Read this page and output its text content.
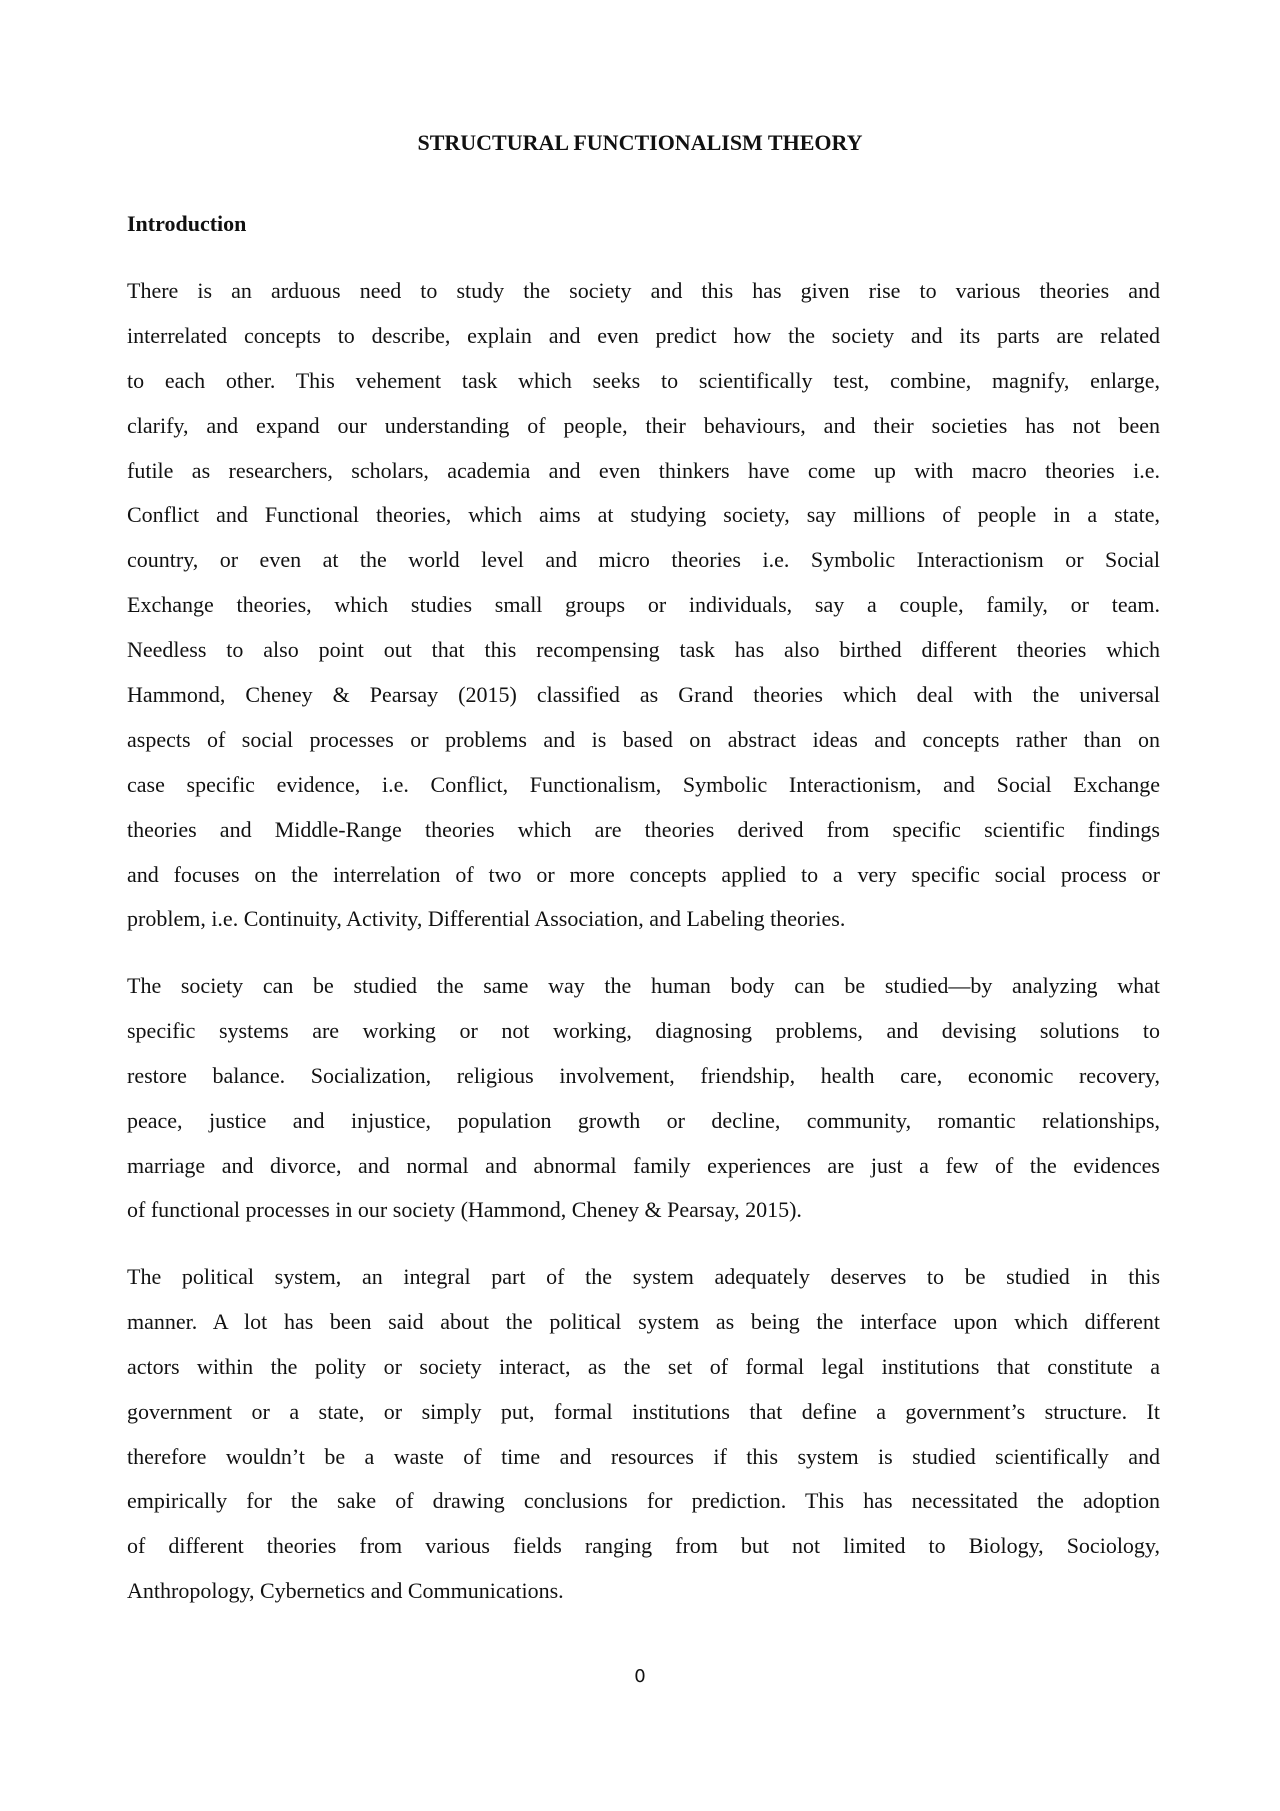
STRUCTURAL FUNCTIONALISM THEORY
Introduction
There is an arduous need to study the society and this has given rise to various theories and
interrelated concepts to describe, explain and even predict how the society and its parts are related
to each other. This vehement task which seeks to scientifically test, combine, magnify, enlarge,
clarify, and expand our understanding of people, their behaviours, and their societies has not been
futile as researchers, scholars, academia and even thinkers have come up with macro theories i.e.
Conflict and Functional theories, which aims at studying society, say millions of people in a state,
country, or even at the world level and micro theories i.e. Symbolic Interactionism or Social
Exchange theories, which studies small groups or individuals, say a couple, family, or team.
Needless to also point out that this recompensing task has also birthed different theories which
Hammond, Cheney & Pearsay (2015) classified as Grand theories which deal with the universal
aspects of social processes or problems and is based on abstract ideas and concepts rather than on
case specific evidence, i.e. Conflict, Functionalism, Symbolic Interactionism, and Social Exchange
theories and Middle-Range theories which are theories derived from specific scientific findings
and focuses on the interrelation of two or more concepts applied to a very specific social process or
problem, i.e. Continuity, Activity, Differential Association, and Labeling theories.
The society can be studied the same way the human body can be studied—by analyzing what
specific systems are working or not working, diagnosing problems, and devising solutions to
restore balance. Socialization, religious involvement, friendship, health care, economic recovery,
peace, justice and injustice, population growth or decline, community, romantic relationships,
marriage and divorce, and normal and abnormal family experiences are just a few of the evidences
of functional processes in our society (Hammond, Cheney & Pearsay, 2015).
The political system, an integral part of the system adequately deserves to be studied in this
manner. A lot has been said about the political system as being the interface upon which different
actors within the polity or society interact, as the set of formal legal institutions that constitute a
government or a state, or simply put, formal institutions that define a government’s structure. It
therefore wouldn’t be a waste of time and resources if this system is studied scientifically and
empirically for the sake of drawing conclusions for prediction. This has necessitated the adoption
of different theories from various fields ranging from but not limited to Biology, Sociology,
Anthropology, Cybernetics and Communications.
0
